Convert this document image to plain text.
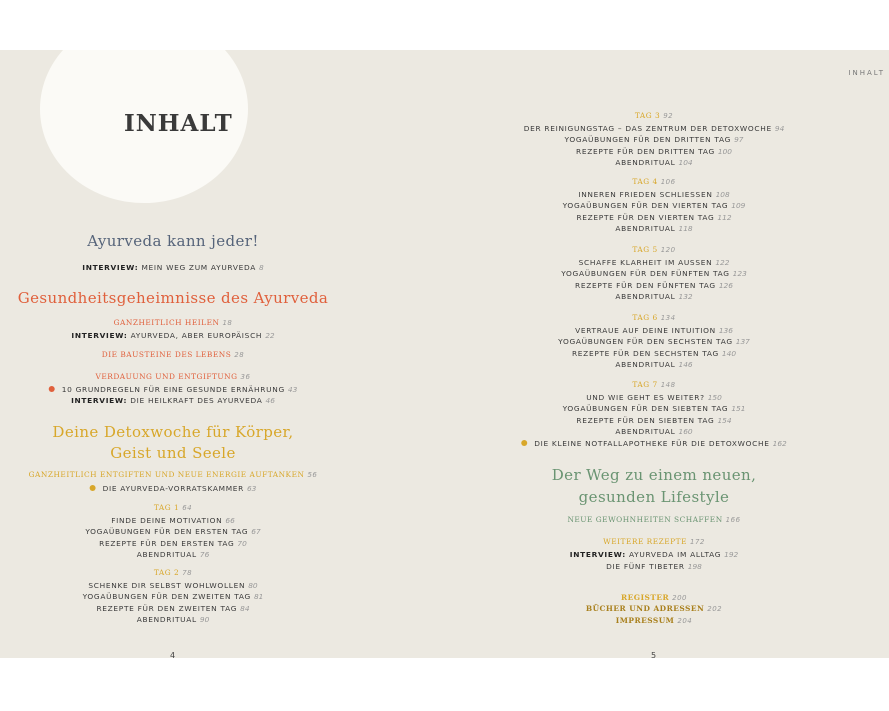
INHALT
INHALT
Ayurveda kann jeder!
INTERVIEW: MEIN WEG ZUM AYURVEDA 8
Gesundheitsgeheimnisse des Ayurveda
GANZHEITLICH HEILEN 18
INTERVIEW: AYURVEDA, ABER EUROPÄISCH 22
DIE BAUSTEINE DES LEBENS 28
VERDAUUNG UND ENTGIFTUNG 36
10 GRUNDREGELN FÜR EINE GESUNDE ERNÄHRUNG 43
INTERVIEW: DIE HEILKRAFT DES AYURVEDA 46
Deine Detoxwoche für Körper,
Geist und Seele
GANZHEITLICH ENTGIFTEN UND NEUE ENERGIE AUFTANKEN 56
DIE AYURVEDA-VORRATSKAMMER 63
TAG 1 64
FINDE DEINE MOTIVATION 66
YOGAÜBUNGEN FÜR DEN ERSTEN TAG 67
REZEPTE FÜR DEN ERSTEN TAG 70
ABENDRITUAL 76
TAG 2 78
SCHENKE DIR SELBST WOHLWOLLEN 80
YOGAÜBUNGEN FÜR DEN ZWEITEN TAG 81
REZEPTE FÜR DEN ZWEITEN TAG 84
ABENDRITUAL 90
TAG 3 92
DER REINIGUNGSTAG – DAS ZENTRUM DER DETOXWOCHE 94
YOGAÜBUNGEN FÜR DEN DRITTEN TAG 97
REZEPTE FÜR DEN DRITTEN TAG 100
ABENDRITUAL 104
TAG 4 106
INNEREN FRIEDEN SCHLIESSEN 108
YOGAÜBUNGEN FÜR DEN VIERTEN TAG 109
REZEPTE FÜR DEN VIERTEN TAG 112
ABENDRITUAL 118
TAG 5 120
SCHAFFE KLARHEIT IM AUSSEN 122
YOGAÜBUNGEN FÜR DEN FÜNFTEN TAG 123
REZEPTE FÜR DEN FÜNFTEN TAG 126
ABENDRITUAL 132
TAG 6 134
VERTRAUE AUF DEINE INTUITION 136
YOGAÜBUNGEN FÜR DEN SECHSTEN TAG 137
REZEPTE FÜR DEN SECHSTEN TAG 140
ABENDRITUAL 146
TAG 7 148
UND WIE GEHT ES WEITER? 150
YOGAÜBUNGEN FÜR DEN SIEBTEN TAG 151
REZEPTE FÜR DEN SIEBTEN TAG 154
ABENDRITUAL 160
DIE KLEINE NOTFALLAPOTHEKE FÜR DIE DETOXWOCHE 162
Der Weg zu einem neuen,
gesunden Lifestyle
NEUE GEWOHNHEITEN SCHAFFEN 166
WEITERE REZEPTE 172
INTERVIEW: AYURVEDA IM ALLTAG 192
DIE FÜNF TIBETER 198
REGISTER 200
BÜCHER UND ADRESSEN 202
IMPRESSUM 204
4	5
